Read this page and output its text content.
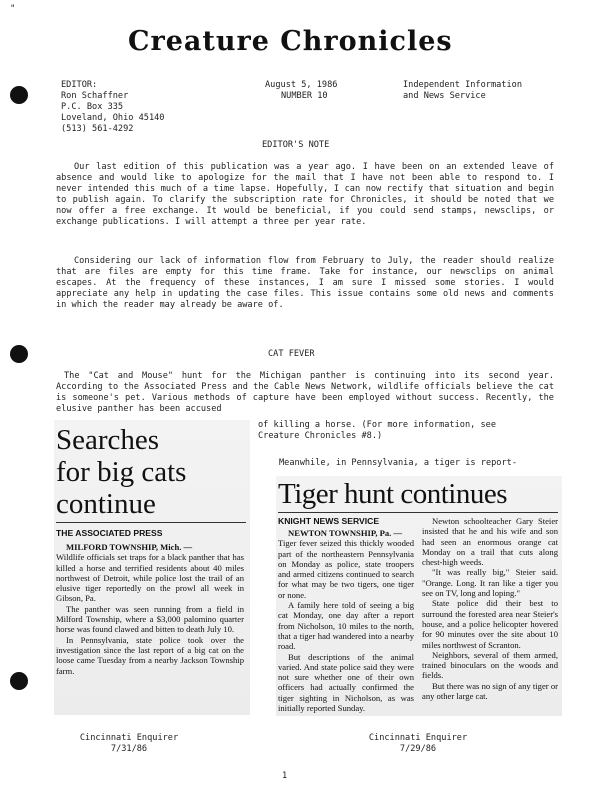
"
Creature Chronicles
EDITOR:
Ron Schaffner
P.C. Box 335
Loveland, Ohio 45140
(513) 561-4292
August 5, 1986
NUMBER 10
Independent Information
and News Service
EDITOR'S NOTE
Our last edition of this publication was a year ago. I have been on an extended leave of absence and would like to apologize for the mail that I have not been able to respond to. I never intended this much of a time lapse. Hopefully, I can now rectify that situation and begin to publish again. To clarify the subscription rate for Chronicles, it should be noted that we now offer a free exchange. It would be beneficial, if you could send stamps, newsclips, or exchange publications. I will attempt a three per year rate.
Considering our lack of information flow from February to July, the reader should realize that are files are empty for this time frame. Take for instance, our newsclips on animal escapes. At the frequency of these instances, I am sure I missed some stories. I would appreciate any help in updating the case files. This issue contains some old news and comments in which the reader may already be aware of.
CAT FEVER
The "Cat and Mouse" hunt for the Michigan panther is continuing into its second year. According to the Associated Press and the Cable News Network, wildlife officials believe the cat is someone's pet. Various methods of capture have been employed without success. Recently, the elusive panther has been accused
of killing a horse. (For more information, see
Creature Chronicles #8.)
Meanwhile, in Pennsylvania, a tiger is report-
Searches
for big cats
continue
THE ASSOCIATED PRESS
MILFORD TOWNSHIP, Mich. —
Wildlife officials set traps for a black panther that has killed a horse and terrified residents about 40 miles northwest of Detroit, while police lost the trail of an elusive tiger reportedly on the prowl all week in Gibson, Pa.
The panther was seen running from a field in Milford Township, where a $3,000 palomino quarter horse was found clawed and bitten to death July 10.
In Pennsylvania, state police took over the investigation since the last report of a big cat on the loose came Tuesday from a nearby Jackson Township farm.
Tiger hunt continues
KNIGHT NEWS SERVICE
NEWTON TOWNSHIP, Pa. —
Tiger fever seized this thickly wooded part of the northeastern Pennsylvania on Monday as police, state troopers and armed citizens continued to search for what may be two tigers, one tiger or none.
A family here told of seeing a big cat Monday, one day after a report from Nicholson, 10 miles to the north, that a tiger had wandered into a nearby road.
But descriptions of the animal varied. And state police said they were not sure whether one of their own officers had actually confirmed the tiger sighting in Nicholson, as was initially reported Sunday.
Newton schoolteacher Gary Steier insisted that he and his wife and son had seen an enormous orange cat Monday on a trail that cuts along chest-high weeds.
"It was really big," Steier said. "Orange. Long. It ran like a tiger you see on TV, long and loping."
State police did their best to surround the forested area near Steier's house, and a police helicopter hovered for 90 minutes over the site about 10 miles northwest of Scranton.
Neighbors, several of them armed, trained binoculars on the woods and fields.
But there was no sign of any tiger or any other large cat.
Cincinnati Enquirer
7/31/86
Cincinnati Enquirer
7/29/86
1
